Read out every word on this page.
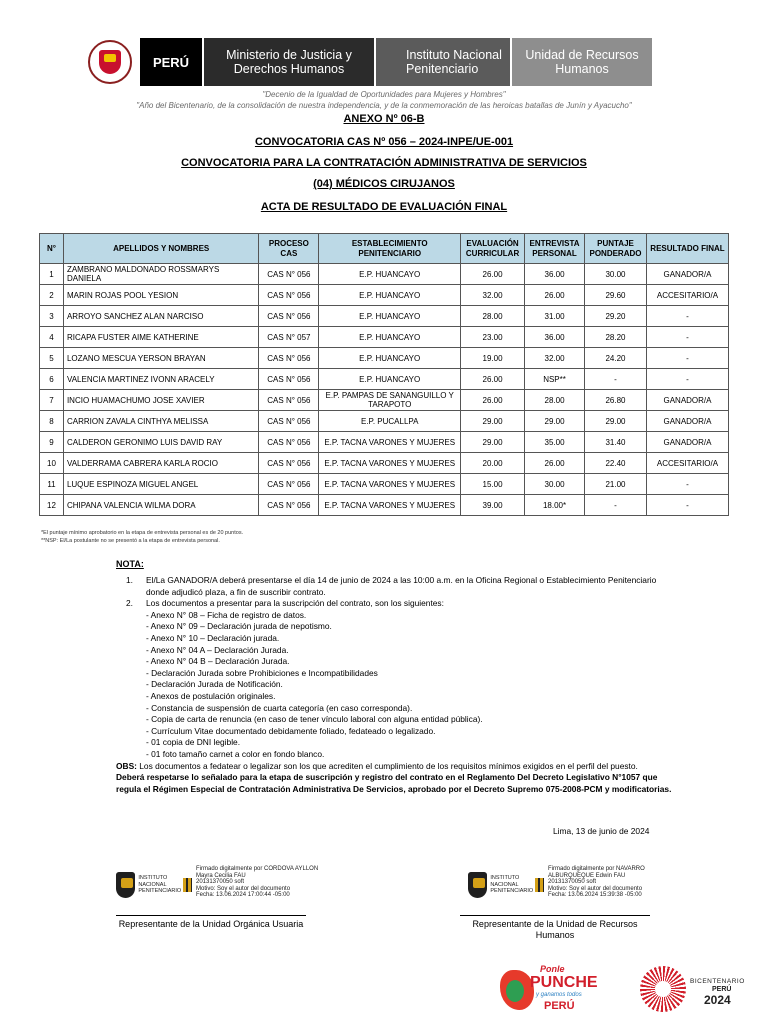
PERÚ	Ministerio de Justicia y Derechos Humanos
Instituto Nacional Penitenciario
Unidad de Recursos Humanos
"Decenio de la Igualdad de Oportunidades para Mujeres y Hombres"
"Año del Bicentenario, de la consolidación de nuestra independencia, y de la conmemoración de las heroicas batallas de Junín y Ayacucho"
ANEXO Nº 06-B
CONVOCATORIA CAS Nº 056 – 2024-INPE/UE-001
CONVOCATORIA PARA LA CONTRATACIÓN ADMINISTRATIVA DE SERVICIOS
(04) MÉDICOS CIRUJANOS
ACTA DE RESULTADO DE EVALUACIÓN FINAL
N°	APELLIDOS Y NOMBRES	PROCESO CAS	ESTABLECIMIENTO PENITENCIARIO	EVALUACIÓN CURRICULAR	ENTREVISTA PERSONAL	PUNTAJE PONDERADO	RESULTADO FINAL
1	ZAMBRANO MALDONADO ROSSMARYS DANIELA	CAS N° 056	E.P. HUANCAYO	26.00	36.00	30.00	GANADOR/A
2	MARIN ROJAS POOL YESION	CAS N° 056	E.P. HUANCAYO	32.00	26.00	29.60	ACCESITARIO/A
3	ARROYO SANCHEZ ALAN NARCISO	CAS N° 056	E.P. HUANCAYO	28.00	31.00	29.20	-
4	RICAPA FUSTER AIME KATHERINE	CAS N° 057	E.P. HUANCAYO	23.00	36.00	28.20	-
5	LOZANO MESCUA YERSON BRAYAN	CAS N° 056	E.P. HUANCAYO	19.00	32.00	24.20	-
6	VALENCIA MARTINEZ IVONN ARACELY	CAS N° 056	E.P. HUANCAYO	26.00	NSP**	-	-
7	INCIO HUAMACHUMO JOSE XAVIER	CAS N° 056	E.P. PAMPAS DE SANANGUILLO Y TARAPOTO	26.00	28.00	26.80	GANADOR/A
8	CARRION ZAVALA CINTHYA MELISSA	CAS N° 056	E.P. PUCALLPA	29.00	29.00	29.00	GANADOR/A
9	CALDERON GERONIMO LUIS DAVID RAY	CAS N° 056	E.P. TACNA VARONES Y MUJERES	29.00	35.00	31.40	GANADOR/A
10	VALDERRAMA CABRERA KARLA ROCIO	CAS N° 056	E.P. TACNA VARONES Y MUJERES	20.00	26.00	22.40	ACCESITARIO/A
11	LUQUE ESPINOZA MIGUEL ANGEL	CAS N° 056	E.P. TACNA VARONES Y MUJERES	15.00	30.00	21.00	-
12	CHIPANA VALENCIA WILMA DORA	CAS N° 056	E.P. TACNA VARONES Y MUJERES	39.00	18.00*	-	-
*El puntaje mínimo aprobatorio en la etapa de entrevista personal es de 20 puntos.
**NSP: El/La postulante no se presentó a la etapa de entrevista personal.
NOTA:
1.	El/La GANADOR/A deberá presentarse el día 14 de junio de 2024 a las 10:00 a.m. en la Oficina Regional o Establecimiento Penitenciario donde adjudicó plaza, a fin de suscribir contrato.
2.	Los documentos a presentar para la suscripción del contrato, son los siguientes:
- Anexo N° 08 – Ficha de registro de datos.
- Anexo N° 09 – Declaración jurada de nepotismo.
- Anexo N° 10 – Declaración jurada.
- Anexo N° 04 A – Declaración Jurada.
- Anexo N° 04 B – Declaración Jurada.
- Declaración Jurada sobre Prohibiciones e Incompatibilidades
- Declaración Jurada de Notificación.
- Anexos de postulación originales.
- Constancia de suspensión de cuarta categoría (en caso corresponda).
- Copia de carta de renuncia (en caso de tener vínculo laboral con alguna entidad pública).
- Currículum Vitae documentado debidamente foliado, fedateado o legalizado.
- 01 copia de DNI legible.
- 01 foto tamaño carnet a color en fondo blanco.
OBS: Los documentos a fedatear o legalizar son los que acrediten el cumplimiento de los requisitos mínimos exigidos en el perfil del puesto.
Deberá respetarse lo señalado para la etapa de suscripción y registro del contrato en el Reglamento Del Decreto Legislativo N°1057 que regula el Régimen Especial de Contratación Administrativa De Servicios, aprobado por el Decreto Supremo 075-2008-PCM y modificatorias.
Lima, 13 de junio de 2024
INSTITUTO
NACIONAL
PENITENCIARIO
Firmado digitalmente por CORDOVA AYLLON Mayra Cecilia FAU
20131370050 soft
Motivo: Soy el autor del documento
Fecha: 13.06.2024 17:00:44 -05:00
INSTITUTO
NACIONAL
PENITENCIARIO
Firmado digitalmente por NAVARRO ALBURQUEQUE Edwin FAU
20131370050 soft
Motivo: Soy el autor del documento
Fecha: 13.06.2024 15:39:38 -05:00
Representante de la Unidad Orgánica Usuaria	Representante de la Unidad de Recursos Humanos
Ponle
PUNCHE
y ganamos todos
PERÚ
BICENTENARIO
PERÚ
2024
